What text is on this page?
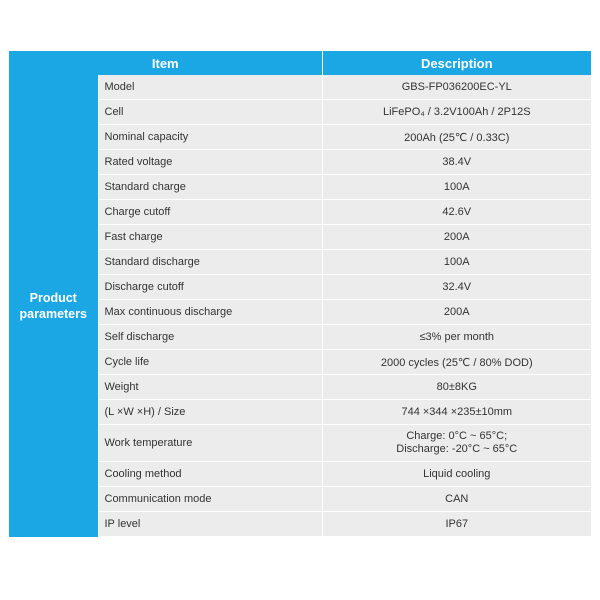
Item		Description
Product
parameters	Model	GBS-FP036200EC-YL
	Cell	LiFePO₄ / 3.2V100Ah / 2P12S
	Nominal capacity	200Ah (25℃ / 0.33C)
	Rated voltage	38.4V
	Standard charge	100A
	Charge cutoff	42.6V
	Fast charge	200A
	Standard discharge	100A
	Discharge cutoff	32.4V
	Max continuous discharge	200A
	Self discharge	≤3% per month
	Cycle life	2000 cycles (25℃ / 80% DOD)
	Weight	80±8KG
	(L ×W ×H) / Size	744 ×344 ×235±10mm
	Work temperature	Charge: 0°C ~ 65°C;
Discharge: -20°C ~ 65°C

	Cooling method	Liquid cooling
	Communication mode	CAN
	IP level	IP67
